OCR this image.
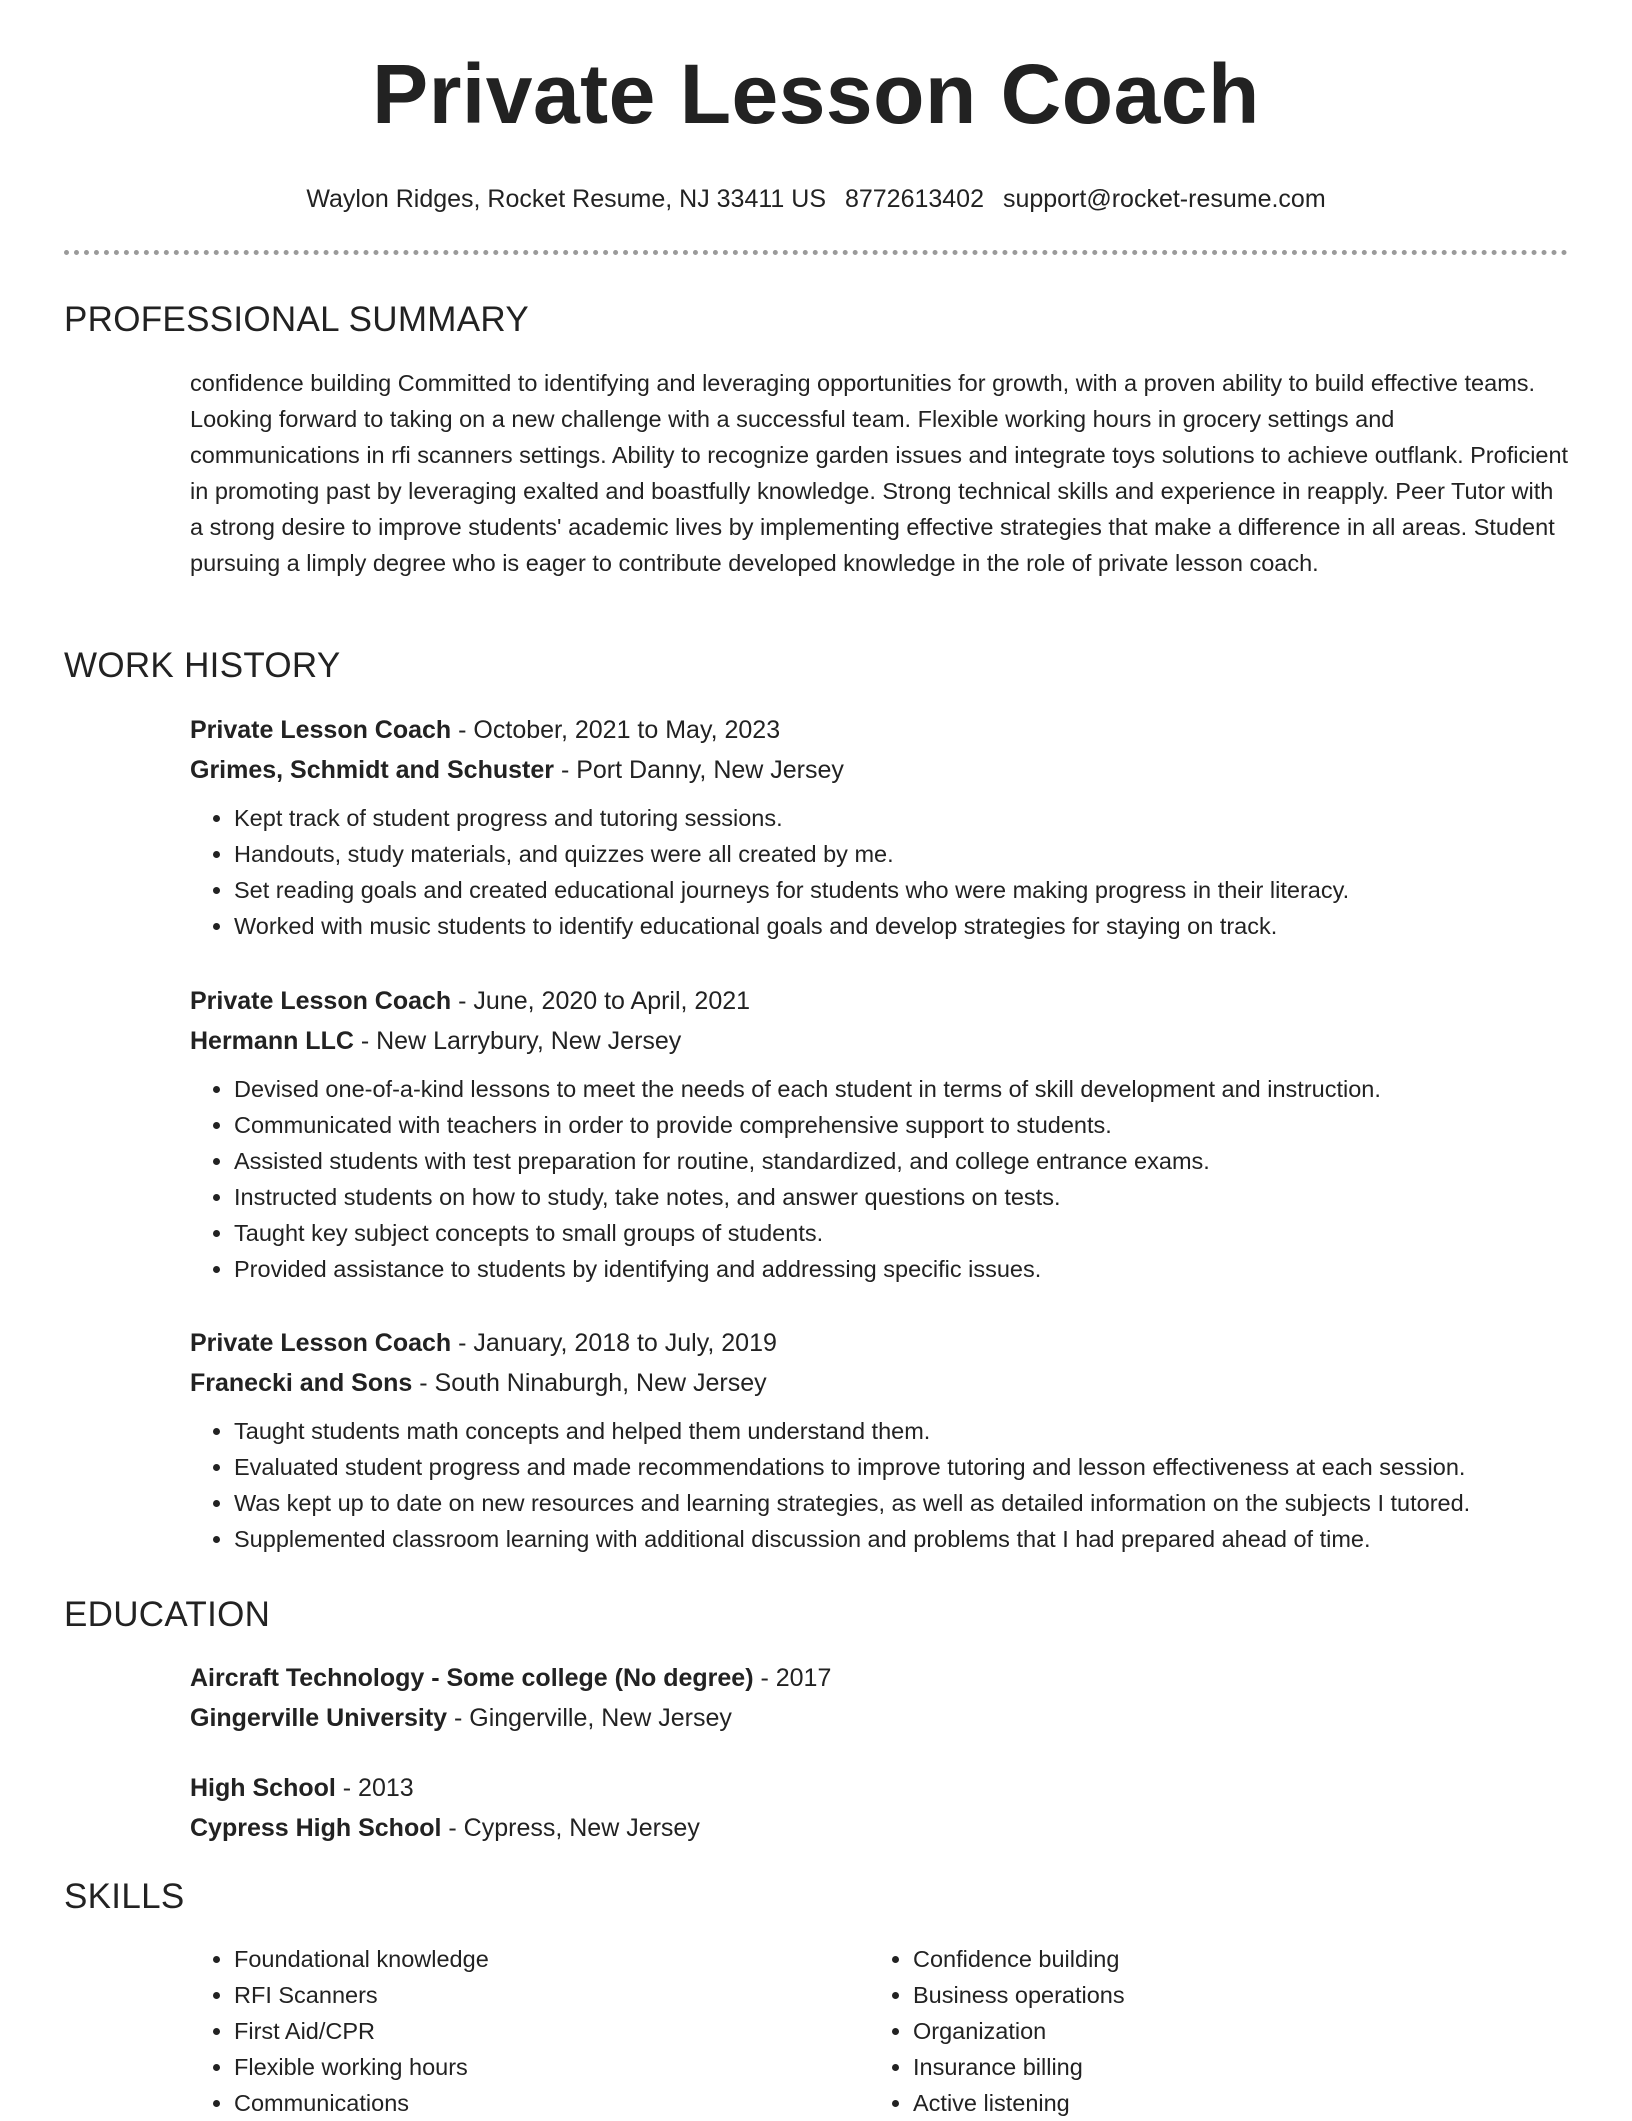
Private Lesson Coach
Waylon Ridges, Rocket Resume, NJ 33411 US 8772613402 support@rocket-resume.com
PROFESSIONAL SUMMARY
confidence building Committed to identifying and leveraging opportunities for growth, with a proven ability to build effective teams. Looking forward to taking on a new challenge with a successful team. Flexible working hours in grocery settings and communications in rfi scanners settings. Ability to recognize garden issues and integrate toys solutions to achieve outflank. Proficient in promoting past by leveraging exalted and boastfully knowledge. Strong technical skills and experience in reapply. Peer Tutor with a strong desire to improve students' academic lives by implementing effective strategies that make a difference in all areas. Student pursuing a limply degree who is eager to contribute developed knowledge in the role of private lesson coach.
WORK HISTORY
Private Lesson Coach - October, 2021 to May, 2023
Grimes, Schmidt and Schuster - Port Danny, New Jersey
• Kept track of student progress and tutoring sessions.
• Handouts, study materials, and quizzes were all created by me.
• Set reading goals and created educational journeys for students who were making progress in their literacy.
• Worked with music students to identify educational goals and develop strategies for staying on track.
Private Lesson Coach - June, 2020 to April, 2021
Hermann LLC - New Larrybury, New Jersey
• Devised one-of-a-kind lessons to meet the needs of each student in terms of skill development and instruction.
• Communicated with teachers in order to provide comprehensive support to students.
• Assisted students with test preparation for routine, standardized, and college entrance exams.
• Instructed students on how to study, take notes, and answer questions on tests.
• Taught key subject concepts to small groups of students.
• Provided assistance to students by identifying and addressing specific issues.
Private Lesson Coach - January, 2018 to July, 2019
Franecki and Sons - South Ninaburgh, New Jersey
• Taught students math concepts and helped them understand them.
• Evaluated student progress and made recommendations to improve tutoring and lesson effectiveness at each session.
• Was kept up to date on new resources and learning strategies, as well as detailed information on the subjects I tutored.
• Supplemented classroom learning with additional discussion and problems that I had prepared ahead of time.
EDUCATION
Aircraft Technology - Some college (No degree) - 2017
Gingerville University - Gingerville, New Jersey
High School - 2013
Cypress High School - Cypress, New Jersey
SKILLS
• Foundational knowledge
• RFI Scanners
• First Aid/CPR
• Flexible working hours
• Communications
• Confidence building
• Business operations
• Organization
• Insurance billing
• Active listening
